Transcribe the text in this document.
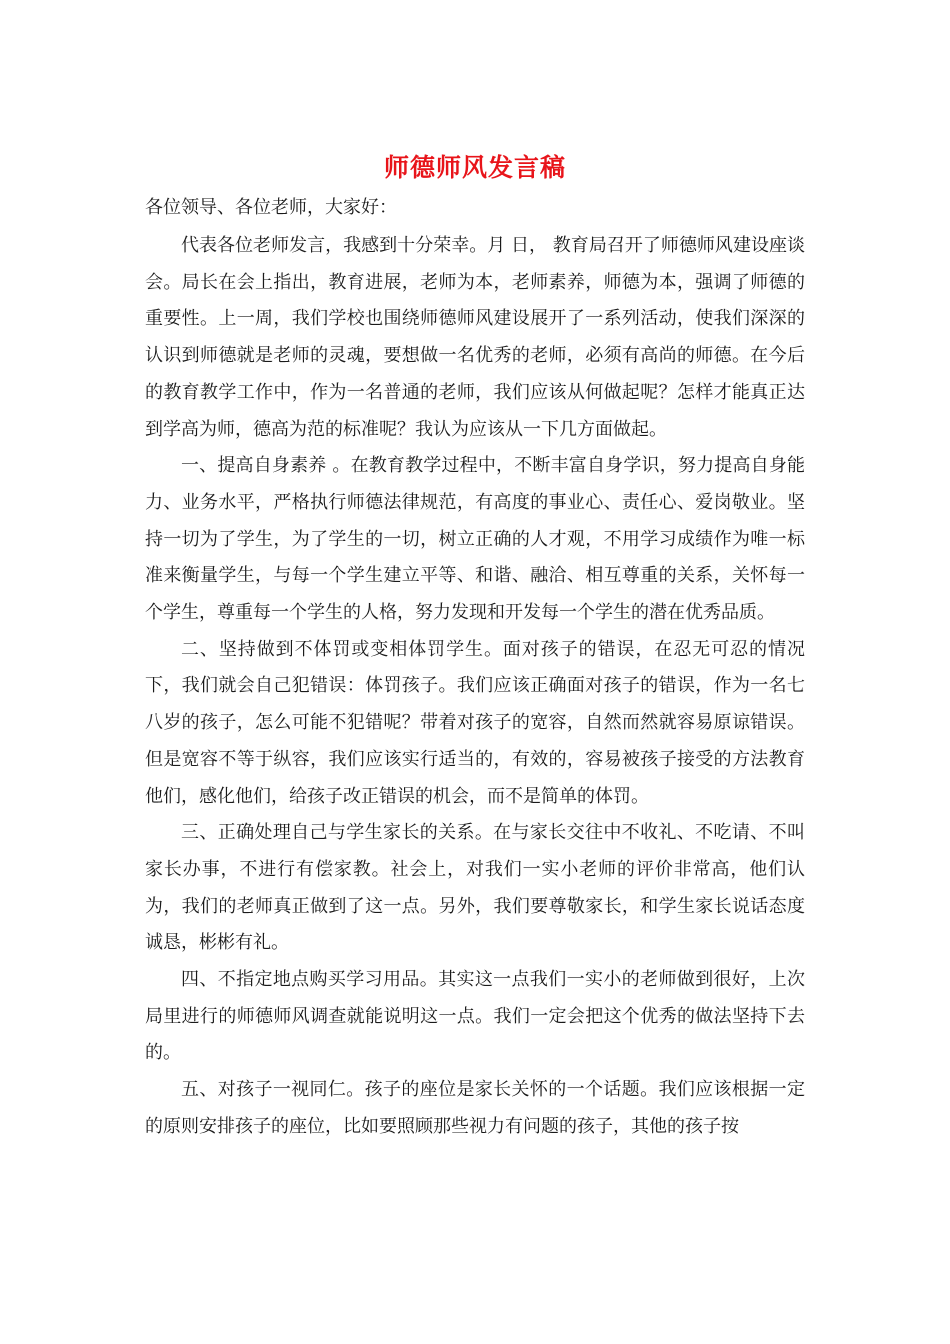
师德师风发言稿

各位领导、各位老师，大家好：

代表各位老师发言，我感到十分荣幸。月 日， 教育局召开了师德师风建设座谈会。局长在会上指出，教育进展，老师为本，老师素养，师德为本，强调了师德的重要性。上一周，我们学校也围绕师德师风建设展开了一系列活动，使我们深深的认识到师德就是老师的灵魂，要想做一名优秀的老师，必须有高尚的师德。在今后的教育教学工作中，作为一名普通的老师，我们应该从何做起呢？怎样才能真正达到学高为师，德高为范的标准呢？我认为应该从一下几方面做起。

一、提高自身素养 。在教育教学过程中，不断丰富自身学识，努力提高自身能力、业务水平，严格执行师德法律规范，有高度的事业心、责任心、爱岗敬业。坚持一切为了学生，为了学生的一切，树立正确的人才观，不用学习成绩作为唯一标准来衡量学生，与每一个学生建立平等、和谐、融洽、相互尊重的关系，关怀每一个学生，尊重每一个学生的人格，努力发现和开发每一个学生的潜在优秀品质。

二、坚持做到不体罚或变相体罚学生。面对孩子的错误，在忍无可忍的情况下，我们就会自己犯错误：体罚孩子。我们应该正确面对孩子的错误，作为一名七八岁的孩子，怎么可能不犯错呢？带着对孩子的宽容，自然而然就容易原谅错误。但是宽容不等于纵容，我们应该实行适当的，有效的，容易被孩子接受的方法教育他们，感化他们，给孩子改正错误的机会，而不是简单的体罚。

三、正确处理自己与学生家长的关系。在与家长交往中不收礼、不吃请、不叫家长办事，不进行有偿家教。社会上，对我们一实小老师的评价非常高，他们认为，我们的老师真正做到了这一点。另外，我们要尊敬家长，和学生家长说话态度诚恳，彬彬有礼。

四、不指定地点购买学习用品。其实这一点我们一实小的老师做到很好，上次局里进行的师德师风调查就能说明这一点。我们一定会把这个优秀的做法坚持下去的。

五、对孩子一视同仁。孩子的座位是家长关怀的一个话题。我们应该根据一定的原则安排孩子的座位，比如要照顾那些视力有问题的孩子，其他的孩子按
